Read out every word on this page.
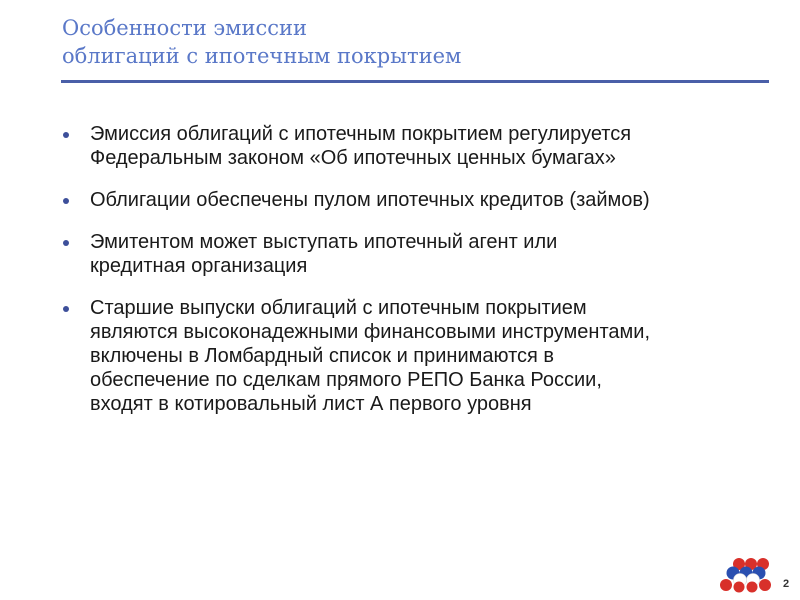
Особенности эмиссии
облигаций с ипотечным покрытием
Эмиссия облигаций с ипотечным покрытием регулируется
Федеральным законом «Об ипотечных ценных бумагах»
Облигации обеспечены пулом ипотечных кредитов (займов)
Эмитентом может выступать ипотечный агент или
кредитная организация
Старшие выпуски облигаций с ипотечным покрытием
являются высоконадежными финансовыми инструментами,
включены в Ломбардный список и принимаются в
обеспечение по сделкам прямого РЕПО Банка России,
входят в котировальный лист А первого уровня
2
